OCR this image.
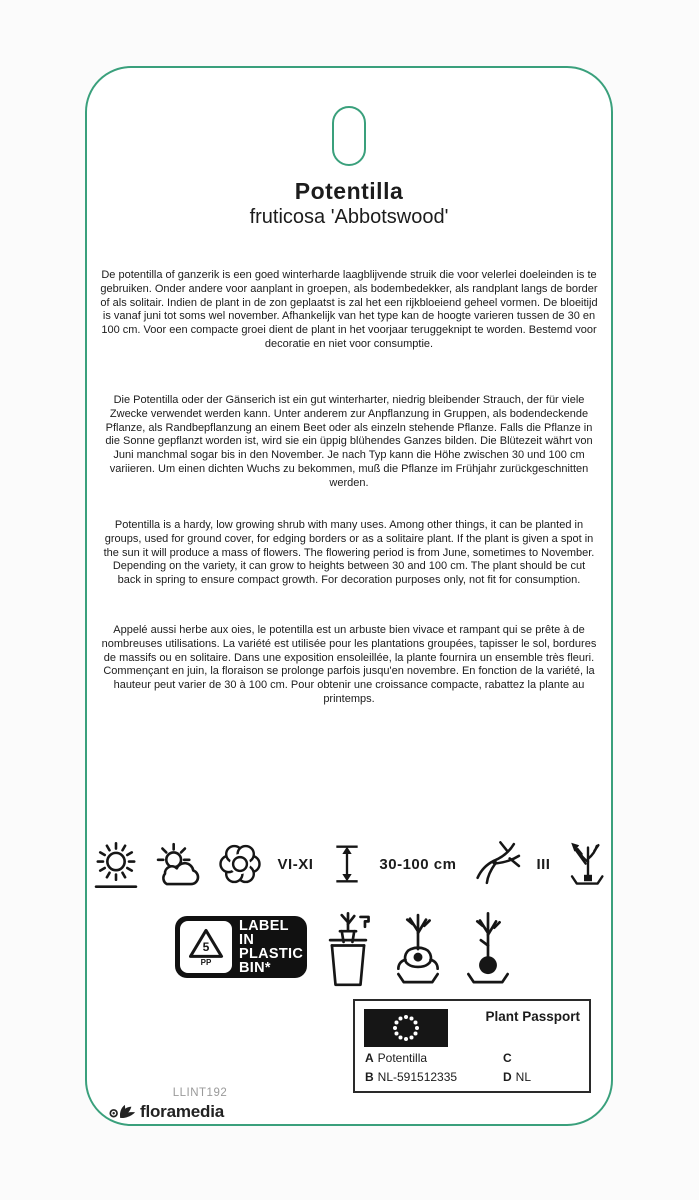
Potentilla
fruticosa 'Abbotswood'

De potentilla of ganzerik is een goed winterharde laagblijvende struik die voor velerlei doeleinden is te gebruiken. Onder andere voor aanplant in groepen, als bodembedekker, als randplant langs de border of als solitair. Indien de plant in de zon geplaatst is zal het een rijkbloeiend geheel vormen. De bloeitijd is vanaf juni tot soms wel november. Afhankelijk van het type kan de hoogte varieren tussen de 30 en 100 cm. Voor een compacte groei dient de plant in het voorjaar teruggeknipt te worden. Bestemd voor decoratie en niet voor consumptie.

Die Potentilla oder der Gänserich ist ein gut winterharter, niedrig bleibender Strauch, der für viele Zwecke verwendet werden kann. Unter anderem zur Anpflanzung in Gruppen, als bodendeckende Pflanze, als Randbepflanzung an einem Beet oder als einzeln stehende Pflanze. Falls die Pflanze in die Sonne gepflanzt worden ist, wird sie ein üppig blühendes Ganzes bilden. Die Blütezeit währt von Juni manchmal sogar bis in den November. Je nach Typ kann die Höhe zwischen 30 und 100 cm variieren. Um einen dichten Wuchs zu bekommen, muß die Pflanze im Frühjahr zurückgeschnitten werden.

Potentilla is a hardy, low growing shrub with many uses. Among other things, it can be planted in groups, used for ground cover, for edging borders or as a solitaire plant. If the plant is given a spot in the sun it will produce a mass of flowers. The flowering period is from June, sometimes to November. Depending on the variety, it can grow to heights between 30 and 100 cm. The plant should be cut back in spring to ensure compact growth. For decoration purposes only, not fit for consumption.

Appelé aussi herbe aux oies, le potentilla est un arbuste bien vivace et rampant qui se prête à de nombreuses utilisations. La variété est utilisée pour les plantations groupées, tapisser le sol, bordures de massifs ou en solitaire. Dans une exposition ensoleillée, la plante fournira un ensemble très fleuri. Commençant en juin, la floraison se prolonge parfois jusqu'en novembre. En fonction de la variété, la hauteur peut varier de 30 à 100 cm. Pour obtenir une croissance compacte, rabattez la plante au printemps.

VI-XI	30-100 cm	III
5
PP
LABEL IN
PLASTIC
BIN*
Plant Passport
A Potentilla
B NL-591512335
C
D NL
LLINT192
floramedia
